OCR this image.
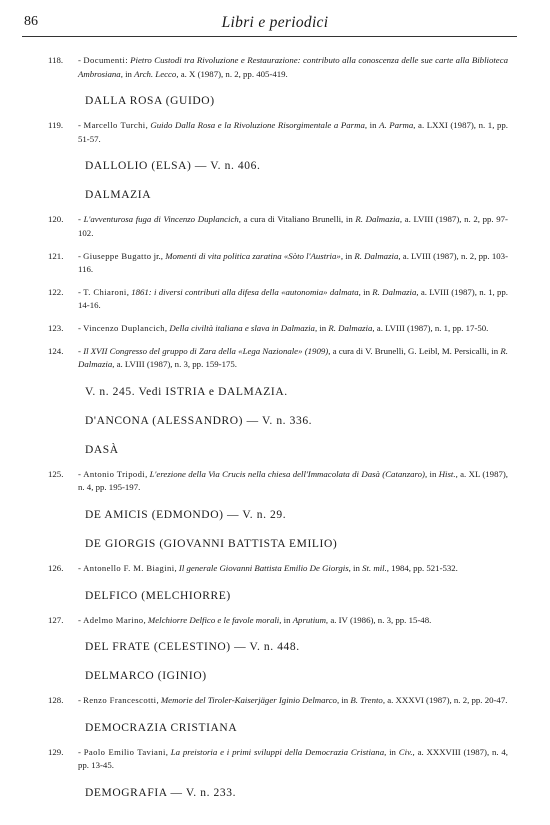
86	Libri e periodici
118.	- Documenti: Pietro Custodi tra Rivoluzione e Restaurazione: contributo alla conoscenza delle sue carte alla Biblioteca Ambrosiana, in Arch. Lecco, a. X (1987), n. 2, pp. 405-419.
DALLA ROSA (GUIDO)
119.	- Marcello Turchi, Guido Dalla Rosa e la Rivoluzione Risorgimentale a Parma, in A. Parma, a. LXXI (1987), n. 1, pp. 51-57.
DALLOLIO (ELSA) — V. n. 406.
DALMAZIA
120.	- L'avventurosa fuga di Vincenzo Duplancich, a cura di Vitaliano Brunelli, in R. Dalmazia, a. LVIII (1987), n. 2, pp. 97-102.
121.	- Giuseppe Bugatto jr., Momenti di vita politica zaratina «Sòto l'Austria», in R. Dalmazia, a. LVIII (1987), n. 2, pp. 103-116.
122.	- T. Chiaroni, 1861: i diversi contributi alla difesa della «autonomia» dalmata, in R. Dalmazia, a. LVIII (1987), n. 1, pp. 14-16.
123.	- Vincenzo Duplancich, Della civiltà italiana e slava in Dalmazia, in R. Dalmazia, a. LVIII (1987), n. 1, pp. 17-50.
124.	- Il XVII Congresso del gruppo di Zara della «Lega Nazionale» (1909), a cura di V. Brunelli, G. Leibl, M. Persicalli, in R. Dalmazia, a. LVIII (1987), n. 3, pp. 159-175.
V. n. 245. Vedi ISTRIA e DALMAZIA.
D'ANCONA (ALESSANDRO) — V. n. 336.
DASÀ
125.	- Antonio Tripodi, L'erezione della Via Crucis nella chiesa dell'Immacolata di Dasà (Catanzaro), in Hist., a. XL (1987), n. 4, pp. 195-197.
DE AMICIS (EDMONDO) — V. n. 29.
DE GIORGIS (GIOVANNI BATTISTA EMILIO)
126.	- Antonello F. M. Biagini, Il generale Giovanni Battista Emilio De Giorgis, in St. mil., 1984, pp. 521-532.
DELFICO (MELCHIORRE)
127.	- Adelmo Marino, Melchiorre Delfico e le favole morali, in Aprutium, a. IV (1986), n. 3, pp. 15-48.
DEL FRATE (CELESTINO) — V. n. 448.
DELMARCO (IGINIO)
128.	- Renzo Francescotti, Memorie del Tiroler-Kaiserjäger Iginio Delmarco, in B. Trento, a. XXXVI (1987), n. 2, pp. 20-47.
DEMOCRAZIA CRISTIANA
129.	- Paolo Emilio Taviani, La preistoria e i primi sviluppi della Democrazia Cristiana, in Civ., a. XXXVIII (1987), n. 4, pp. 13-45.
DEMOGRAFIA — V. n. 233.
